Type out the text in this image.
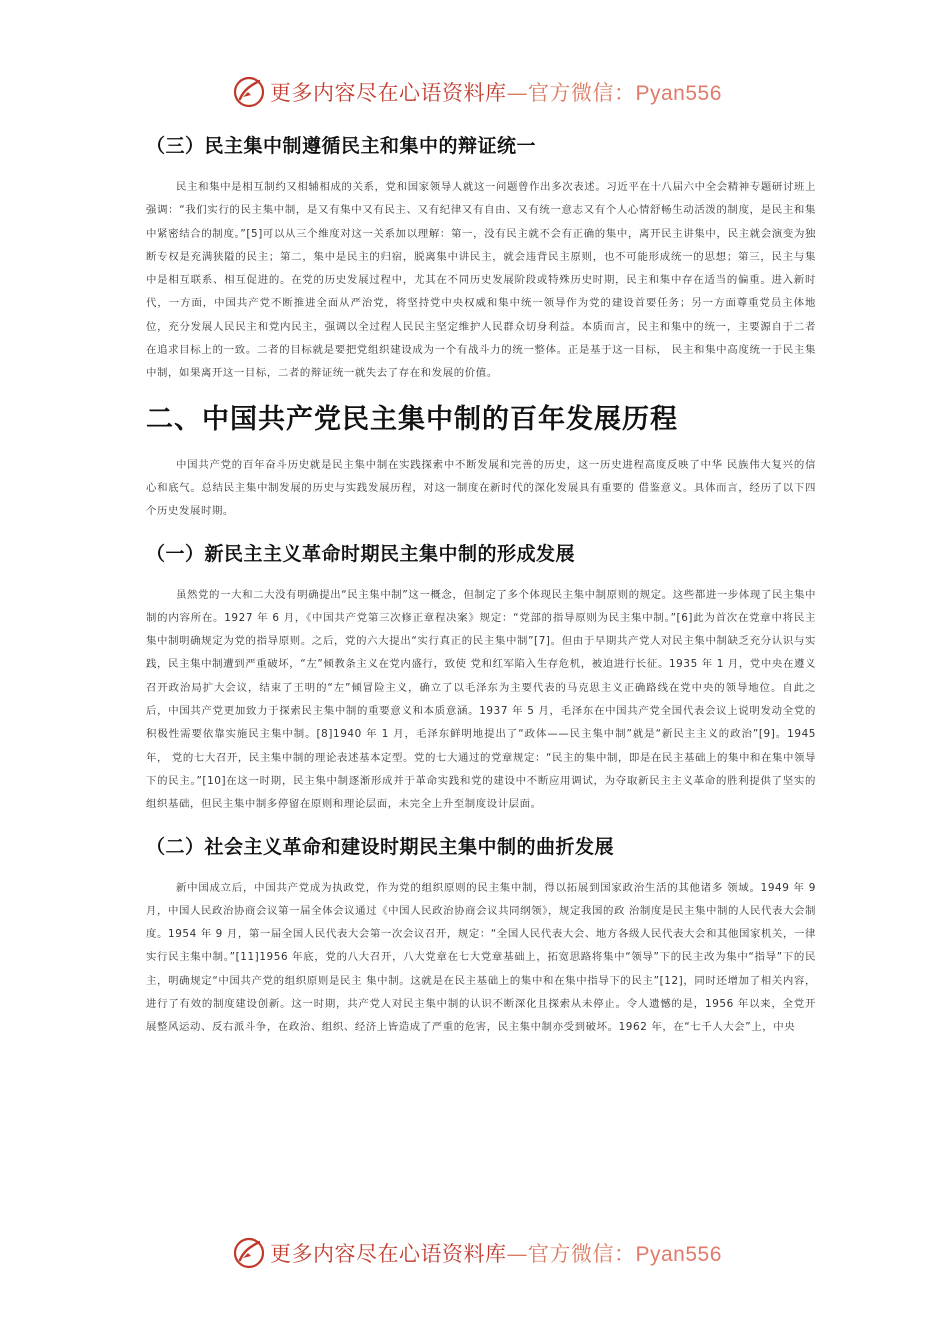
更多内容尽在心语资料库—官方微信：Pyan556
（三）民主集中制遵循民主和集中的辩证统一

民主和集中是相互制约又相辅相成的关系，党和国家领导人就这一问题曾作出多次表述。习近平在十八届六中全会精神专题研讨班上强调：“我们实行的民主集中制，是又有集中又有民主、又有纪律又有自由、又有统一意志又有个人心情舒畅生动活泼的制度，是民主和集中紧密结合的制度。”[5]可以从三个维度对这一关系加以理解：第一，没有民主就不会有正确的集中，离开民主讲集中，民主就会演变为独断专权是充满狭隘的民主；第二，集中是民主的归宿，脱离集中讲民主，就会违背民主原则，也不可能形成统一的思想；第三，民主与集中是相互联系、相互促进的。在党的历史发展过程中，尤其在不同历史发展阶段或特殊历史时期，民主和集中存在适当的偏重。进入新时代，一方面，中国共产党不断推进全面从严治党，将坚持党中央权威和集中统一领导作为党的建设首要任务；另一方面尊重党员主体地位，充分发展人民民主和党内民主，强调以全过程人民民主坚定维护人民群众切身利益。本质而言，民主和集中的统一，主要源自于二者在追求目标上的一致。二者的目标就是要把党组织建设成为一个有战斗力的统一整体。正是基于这一目标， 民主和集中高度统一于民主集中制，如果离开这一目标，二者的辩证统一就失去了存在和发展的价值。

二、中国共产党民主集中制的百年发展历程

中国共产党的百年奋斗历史就是民主集中制在实践探索中不断发展和完善的历史，这一历史进程高度反映了中华 民族伟大复兴的信心和底气。总结民主集中制发展的历史与实践发展历程，对这一制度在新时代的深化发展具有重要的 借鉴意义。具体而言，经历了以下四个历史发展时期。

（一）新民主主义革命时期民主集中制的形成发展

虽然党的一大和二大没有明确提出“民主集中制”这一概念，但制定了多个体现民主集中制原则的规定。这些都进一步体现了民主集中制的内容所在。1927 年 6 月，《中国共产党第三次修正章程决案》规定：“党部的指导原则为民主集中制。”[6]此为首次在党章中将民主集中制明确规定为党的指导原则。之后，党的六大提出“实行真正的民主集中制”[7]。但由于早期共产党人对民主集中制缺乏充分认识与实践，民主集中制遭到严重破坏，“左”倾教条主义在党内盛行，致使 党和红军陷入生存危机，被迫进行长征。1935 年 1 月，党中央在遵义召开政治局扩大会议，结束了王明的“左”倾冒险主义，确立了以毛泽东为主要代表的马克思主义正确路线在党中央的领导地位。自此之后，中国共产党更加致力于探索民主集中制的重要意义和本质意涵。1937 年 5 月，毛泽东在中国共产党全国代表会议上说明发动全党的积极性需要依靠实施民主集中制。[8]1940 年 1 月，毛泽东鲜明地提出了“政体——民主集中制”就是“新民主主义的政治”[9]。1945 年， 党的七大召开，民主集中制的理论表述基本定型。党的七大通过的党章规定：“民主的集中制，即是在民主基础上的集中和在集中领导下的民主。”[10]在这一时期，民主集中制逐渐形成并于革命实践和党的建设中不断应用调试，为夺取新民主主义革命的胜利提供了坚实的组织基础，但民主集中制多停留在原则和理论层面，未完全上升至制度设计层面。

（二）社会主义革命和建设时期民主集中制的曲折发展

新中国成立后，中国共产党成为执政党，作为党的组织原则的民主集中制，得以拓展到国家政治生活的其他诸多 领域。1949 年 9 月，中国人民政治协商会议第一届全体会议通过《中国人民政治协商会议共同纲领》，规定我国的政 治制度是民主集中制的人民代表大会制度。1954 年 9 月，第一届全国人民代表大会第一次会议召开，规定：“全国人民代表大会、地方各级人民代表大会和其他国家机关，一律实行民主集中制。”[11]1956 年底，党的八大召开，八大党章在七大党章基础上，拓宽思路将集中“领导”下的民主改为集中“指导”下的民主，明确规定“中国共产党的组织原则是民主 集中制。这就是在民主基础上的集中和在集中指导下的民主”[12]，同时还增加了相关内容，进行了有效的制度建设创新。这一时期，共产党人对民主集中制的认识不断深化且探索从未停止。令人遗憾的是，1956 年以来，全党开展整风运动、反右派斗争，在政治、组织、经济上皆造成了严重的危害，民主集中制亦受到破坏。1962 年，在“七千人大会”上，中央

更多内容尽在心语资料库—官方微信：Pyan556
